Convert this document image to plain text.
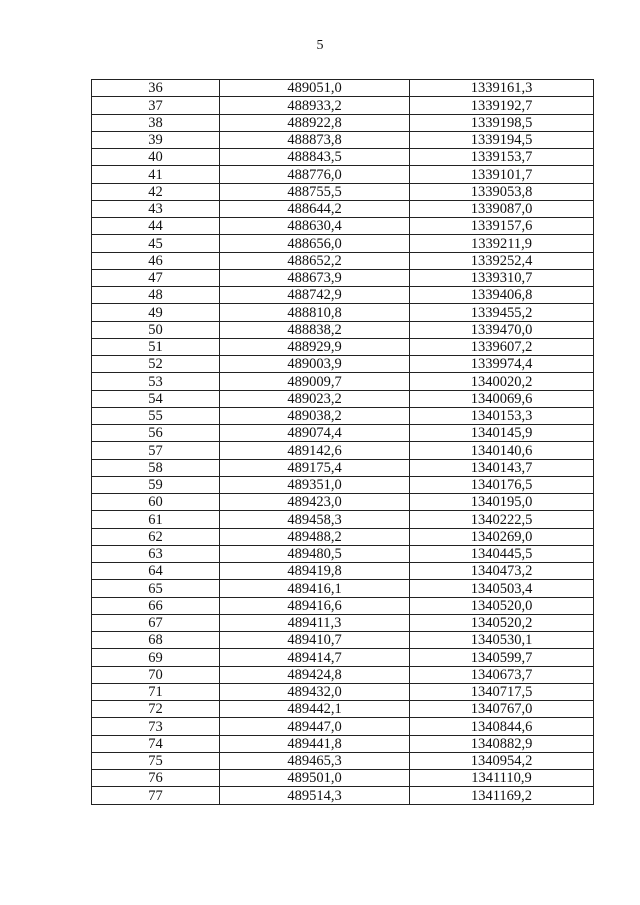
5
36	489051,0	1339161,3
37	488933,2	1339192,7
38	488922,8	1339198,5
39	488873,8	1339194,5
40	488843,5	1339153,7
41	488776,0	1339101,7
42	488755,5	1339053,8
43	488644,2	1339087,0
44	488630,4	1339157,6
45	488656,0	1339211,9
46	488652,2	1339252,4
47	488673,9	1339310,7
48	488742,9	1339406,8
49	488810,8	1339455,2
50	488838,2	1339470,0
51	488929,9	1339607,2
52	489003,9	1339974,4
53	489009,7	1340020,2
54	489023,2	1340069,6
55	489038,2	1340153,3
56	489074,4	1340145,9
57	489142,6	1340140,6
58	489175,4	1340143,7
59	489351,0	1340176,5
60	489423,0	1340195,0
61	489458,3	1340222,5
62	489488,2	1340269,0
63	489480,5	1340445,5
64	489419,8	1340473,2
65	489416,1	1340503,4
66	489416,6	1340520,0
67	489411,3	1340520,2
68	489410,7	1340530,1
69	489414,7	1340599,7
70	489424,8	1340673,7
71	489432,0	1340717,5
72	489442,1	1340767,0
73	489447,0	1340844,6
74	489441,8	1340882,9
75	489465,3	1340954,2
76	489501,0	1341110,9
77	489514,3	1341169,2
